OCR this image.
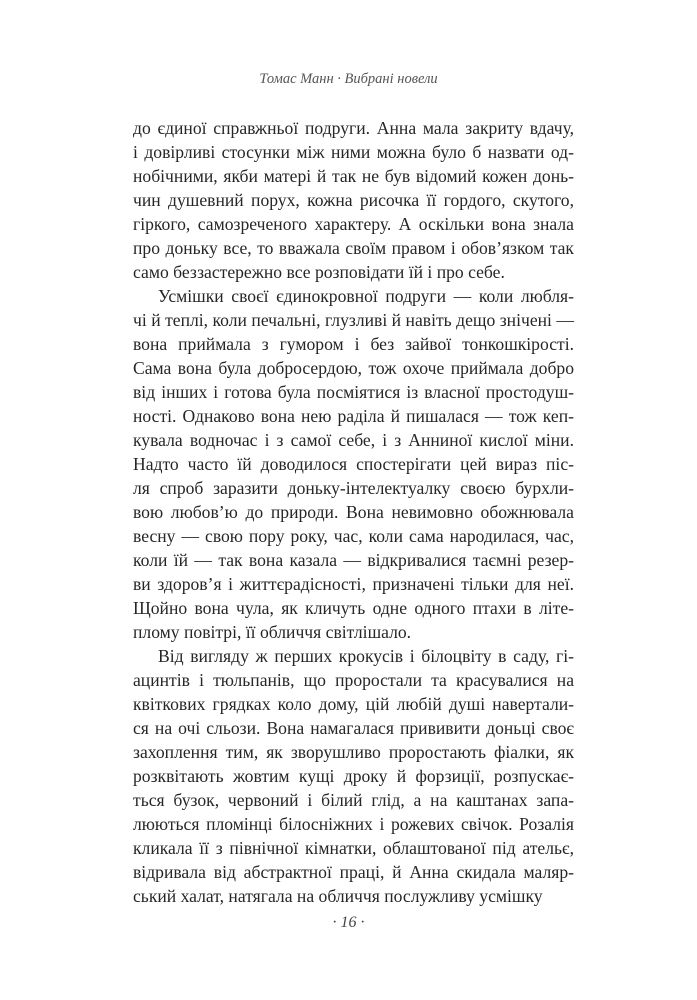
Томас Манн · Вибрані новели
до єдиної справжньої подруги. Анна мала закриту вдачу,
і довірливі стосунки між ними можна було б назвати од-
нобічними, якби матері й так не був відомий кожен донь-
чин душевний порух, кожна рисочка її гордого, скутого,
гіркого, самозреченого характеру. А оскільки вона знала
про доньку все, то вважала своїм правом і обов’язком так
само беззастережно все розповідати їй і про себе.
Усмішки своєї єдинокровної подруги — коли любля-
чі й теплі, коли печальні, глузливі й навіть дещо знічені —
вона приймала з гумором і без зайвої тонкошкірості.
Сама вона була добросердою, тож охоче приймала добро
від інших і готова була посміятися із власної простодуш-
ності. Однаково вона нею раділа й пишалася — тож кеп-
кувала водночас і з самої себе, і з Анниної кислої міни.
Надто часто їй доводилося спостерігати цей вираз піс-
ля спроб заразити доньку-інтелектуалку своєю бурхли-
вою любов’ю до природи. Вона невимовно обожнювала
весну — свою пору року, час, коли сама народилася, час,
коли їй — так вона казала — відкривалися таємні резер-
ви здоров’я і життєрадісності, призначені тільки для неї.
Щойно вона чула, як кличуть одне одного птахи в літе-
плому повітрі, її обличчя світлішало.
Від вигляду ж перших крокусів і білоцвіту в саду, гі-
ацинтів і тюльпанів, що проростали та красувалися на
квіткових грядках коло дому, цій любій душі навертали-
ся на очі сльози. Вона намагалася прививити доньці своє
захоплення тим, як зворушливо проростають фіалки, як
розквітають жовтим кущі дроку й форзиції, розпускає-
ться бузок, червоний і білий глід, а на каштанах запа-
люються пломінці білосніжних і рожевих свічок. Розалія
кликала її з північної кімнатки, облаштованої під ательє,
відривала від абстрактної праці, й Анна скидала маляр-
ський халат, натягала на обличчя послужливу усмішку
· 16 ·
